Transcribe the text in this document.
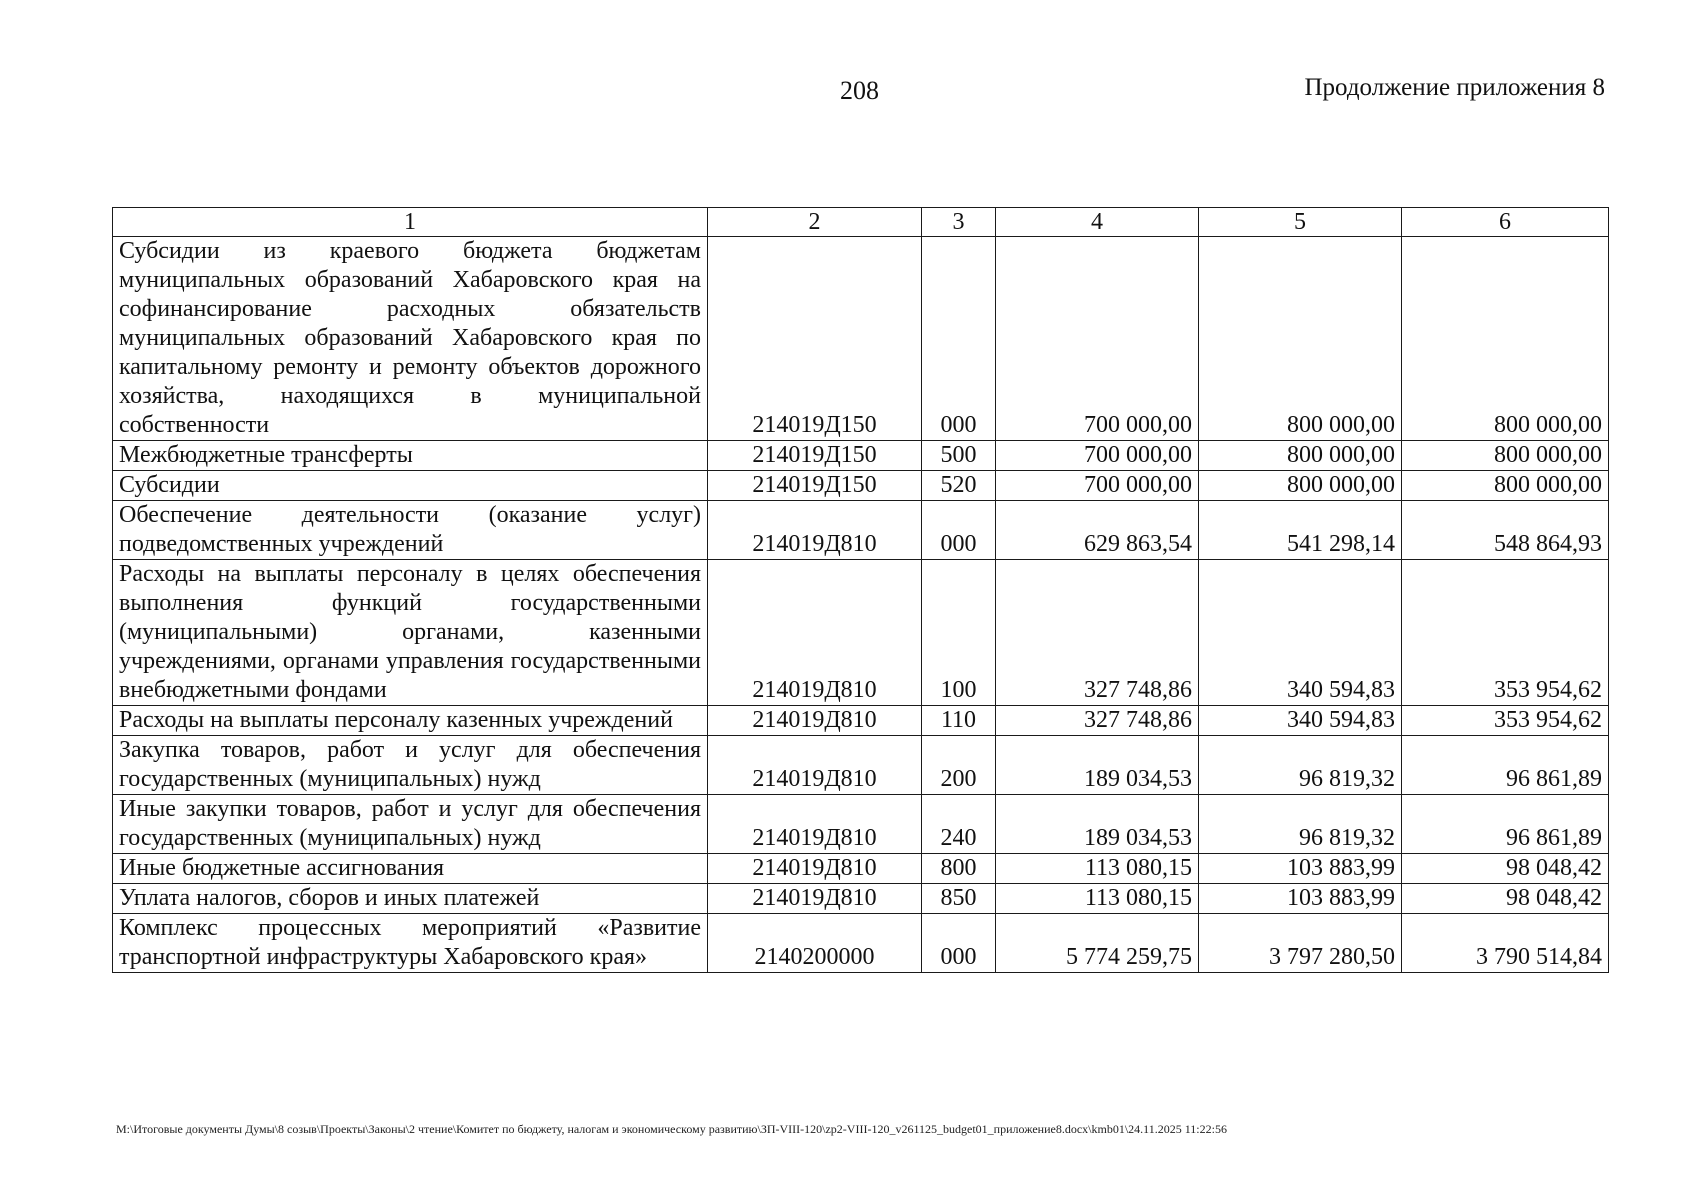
208	Продолжение приложения 8
1	2	3	4	5	6
Субсидии из краевого бюджета бюджетам муниципальных образований Хабаровского края на софинансирование расходных обязательств муниципальных образований Хабаровского края по капитальному ремонту и ремонту объектов дорожного хозяйства, находящихся в муниципальной собственности	214019Д150	000	700 000,00	800 000,00	800 000,00
Межбюджетные трансферты	214019Д150	500	700 000,00	800 000,00	800 000,00
Субсидии	214019Д150	520	700 000,00	800 000,00	800 000,00
Обеспечение деятельности (оказание услуг) подведомственных учреждений	214019Д810	000	629 863,54	541 298,14	548 864,93
Расходы на выплаты персоналу в целях обеспечения выполнения функций государственными (муниципальными) органами, казенными учреждениями, органами управления государственными внебюджетными фондами	214019Д810	100	327 748,86	340 594,83	353 954,62
Расходы на выплаты персоналу казенных учреждений	214019Д810	110	327 748,86	340 594,83	353 954,62
Закупка товаров, работ и услуг для обеспечения государственных (муниципальных) нужд	214019Д810	200	189 034,53	96 819,32	96 861,89
Иные закупки товаров, работ и услуг для обеспечения государственных (муниципальных) нужд	214019Д810	240	189 034,53	96 819,32	96 861,89
Иные бюджетные ассигнования	214019Д810	800	113 080,15	103 883,99	98 048,42
Уплата налогов, сборов и иных платежей	214019Д810	850	113 080,15	103 883,99	98 048,42
Комплекс процессных мероприятий «Развитие транспортной инфраструктуры Хабаровского края»	2140200000	000	5 774 259,75	3 797 280,50	3 790 514,84
M:\Итоговые документы Думы\8 созыв\Проекты\Законы\2 чтение\Комитет по бюджету, налогам и экономическому развитию\ЗП-VIII-120\zp2-VIII-120_v261125_budget01_приложение8.docx\kmb01\24.11.2025 11:22:56
